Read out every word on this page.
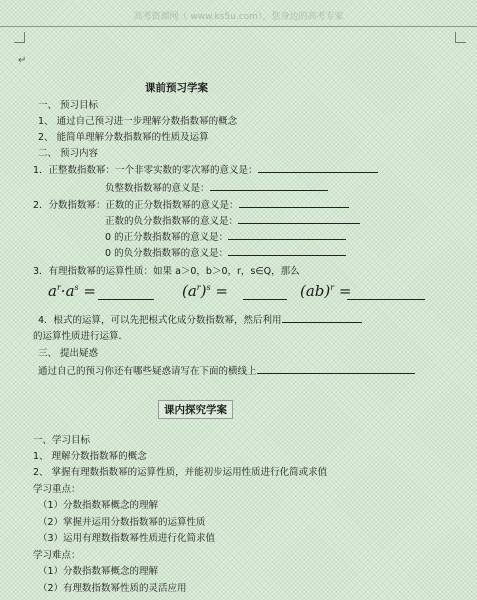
高考资源网（ www.ks5u.com），您身边的高考专家
↵
课前预习学案
一、 预习目标
1、 通过自己预习进一步理解分数指数幂的概念
2、 能简单理解分数指数幂的性质及运算
二、 预习内容
1．正整数指数幂：一个非零实数的零次幂的意义是：
负整数指数幂的意义是：
2．分数指数幂：正数的正分数指数幂的意义是：
正数的负分数指数幂的意义是：
0 的正分数指数幂的意义是：
0 的负分数指数幂的意义是：
3．有理指数幂的运算性质：如果 a＞0，b＞0，r，s∈Q，那么
$a^r\cdot a^s$ =	$(a^r)^s$ =	(ab)$^r$ =
4．根式的运算，可以先把根式化成分数指数幂，然后利用
的运算性质进行运算．
三、 提出疑惑
通过自己的预习你还有哪些疑惑请写在下面的横线上
课内探究学案
一、学习目标
1、 理解分数指数幂的概念
2、 掌握有理数指数幂的运算性质，并能初步运用性质进行化简或求值
学习重点：
（1）分数指数幂概念的理解
（2）掌握并运用分数指数幂的运算性质
（3）运用有理数指数幂性质进行化简求值
学习难点：
（1）分数指数幂概念的理解
（2）有理数指数幂性质的灵活应用
